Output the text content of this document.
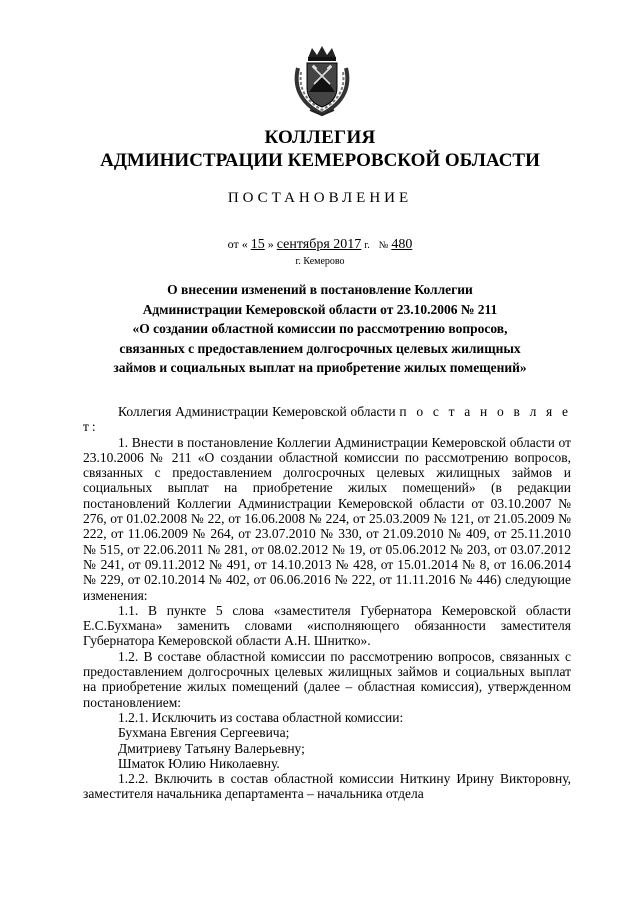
КОЛЛЕГИЯ
АДМИНИСТРАЦИИ КЕМЕРОВСКОЙ ОБЛАСТИ
ПОСТАНОВЛЕНИЕ
от « 15 » сентября 2017 г. № 480
г. Кемерово
О внесении изменений в постановление Коллегии
Администрации Кемеровской области от 23.10.2006 № 211
«О создании областной комиссии по рассмотрению вопросов,
связанных с предоставлением долгосрочных целевых жилищных
займов и социальных выплат на приобретение жилых помещений»

Коллегия Администрации Кемеровской области п о с т а н о в л я е т:

1. Внести в постановление Коллегии Администрации Кемеровской области от 23.10.2006 № 211 «О создании областной комиссии по рассмотрению вопросов, связанных с предоставлением долгосрочных целевых жилищных займов и социальных выплат на приобретение жилых помещений» (в редакции постановлений Коллегии Администрации Кемеровской области от 03.10.2007 № 276, от 01.02.2008 № 22, от 16.06.2008 № 224, от 25.03.2009 № 121, от 21.05.2009 № 222, от 11.06.2009 № 264, от 23.07.2010 № 330, от 21.09.2010 № 409, от 25.11.2010 № 515, от 22.06.2011 № 281, от 08.02.2012 № 19, от 05.06.2012 № 203, от 03.07.2012 № 241, от 09.11.2012 № 491, от 14.10.2013 № 428, от 15.01.2014 № 8, от 16.06.2014 № 229, от 02.10.2014 № 402, от 06.06.2016 № 222, от 11.11.2016 № 446) следующие изменения:

1.1. В пункте 5 слова «заместителя Губернатора Кемеровской области Е.С.Бухмана» заменить словами «исполняющего обязанности заместителя Губернатора Кемеровской области А.Н. Шнитко».

1.2. В составе областной комиссии по рассмотрению вопросов, связанных с предоставлением долгосрочных целевых жилищных займов и социальных выплат на приобретение жилых помещений (далее – областная комиссия), утвержденном постановлением:

1.2.1. Исключить из состава областной комиссии:

Бухмана Евгения Сергеевича;

Дмитриеву Татьяну Валерьевну;

Шматок Юлию Николаевну.

1.2.2. Включить в состав областной комиссии Ниткину Ирину Викторовну, заместителя начальника департамента – начальника отдела
